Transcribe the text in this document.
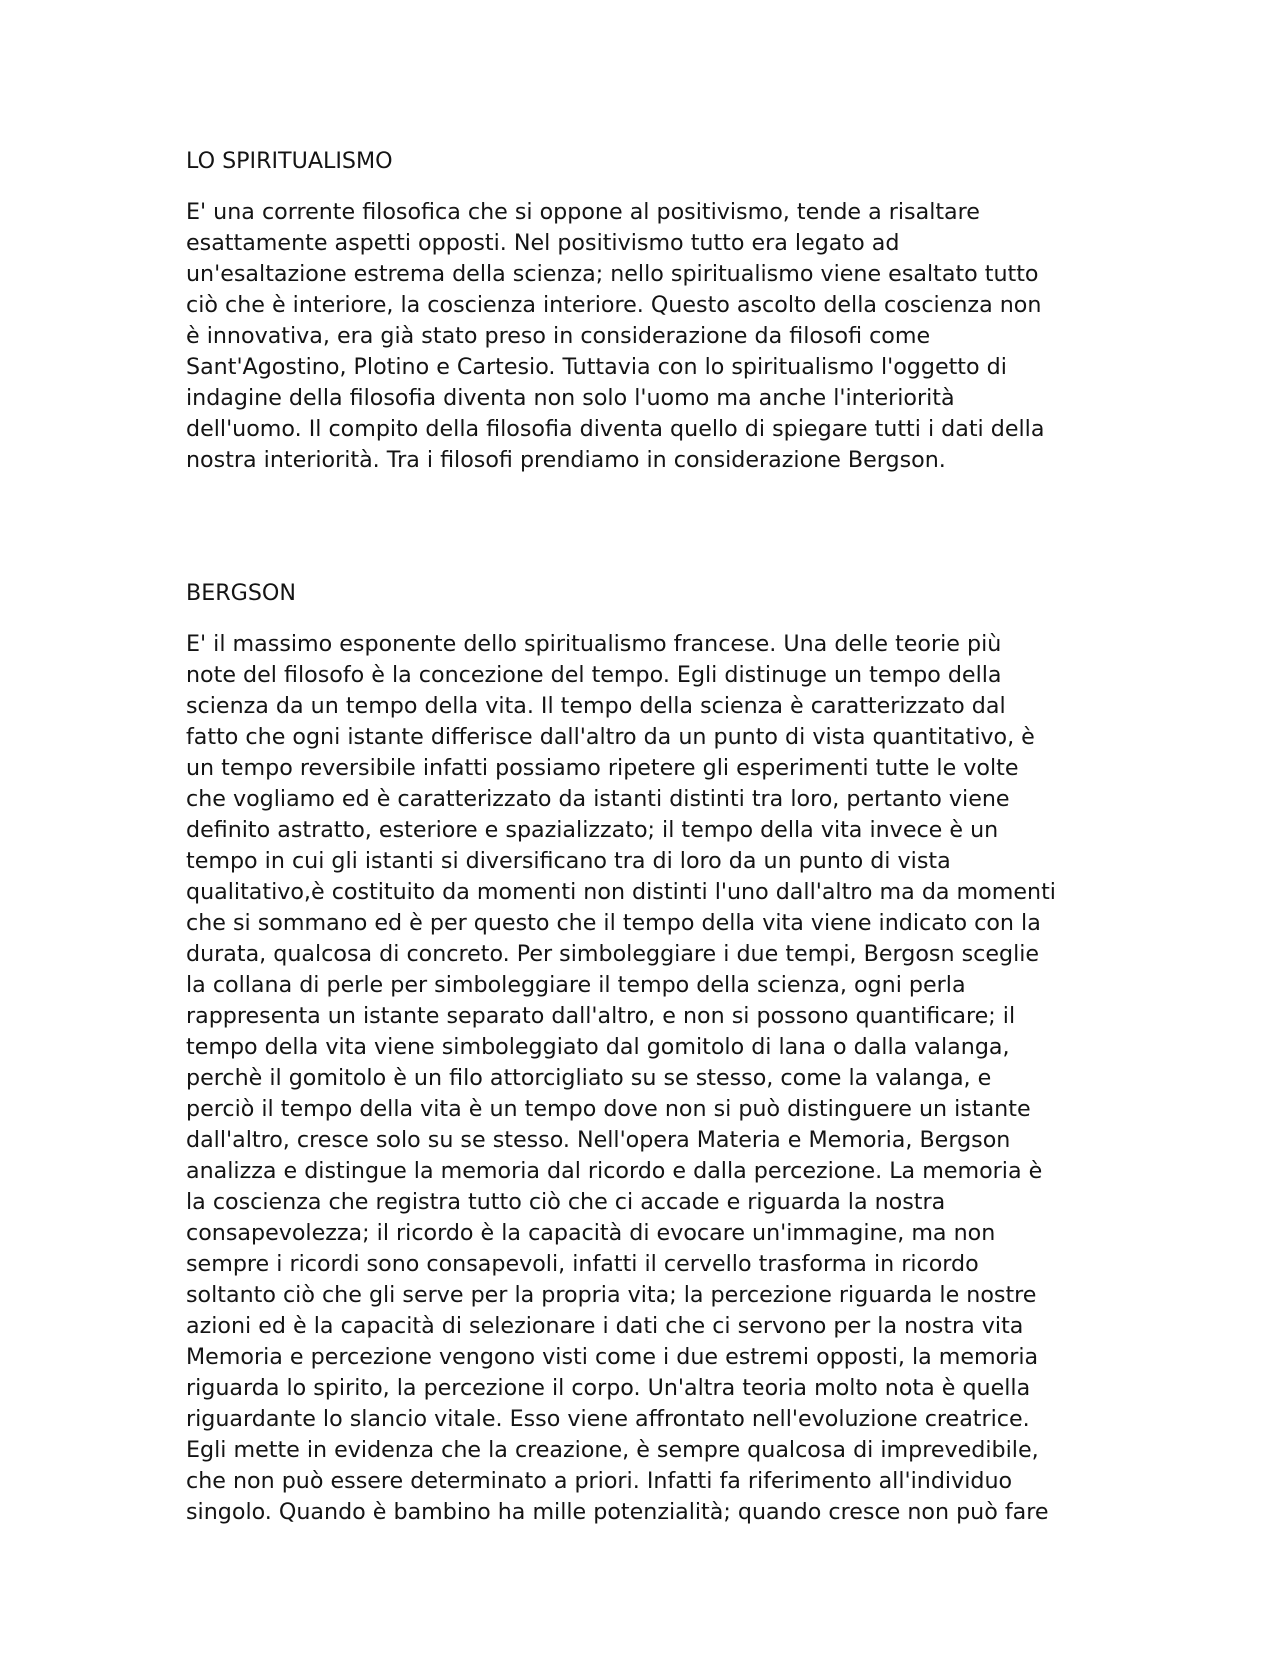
LO SPIRITUALISMO
E' una corrente filosofica che si oppone al positivismo, tende a risaltare
esattamente aspetti opposti. Nel positivismo tutto era legato ad
un'esaltazione estrema della scienza; nello spiritualismo viene esaltato tutto
ciò che è interiore, la coscienza interiore. Questo ascolto della coscienza non
è innovativa, era già stato preso in considerazione da filosofi come
Sant'Agostino, Plotino e Cartesio. Tuttavia con lo spiritualismo l'oggetto di
indagine della filosofia diventa non solo l'uomo ma anche l'interiorità
dell'uomo. Il compito della filosofia diventa quello di spiegare tutti i dati della
nostra interiorità. Tra i filosofi prendiamo in considerazione Bergson.
BERGSON
E' il massimo esponente dello spiritualismo francese. Una delle teorie più
note del filosofo è la concezione del tempo. Egli distinuge un tempo della
scienza da un tempo della vita. Il tempo della scienza è caratterizzato dal
fatto che ogni istante differisce dall'altro da un punto di vista quantitativo, è
un tempo reversibile infatti possiamo ripetere gli esperimenti tutte le volte
che vogliamo ed è caratterizzato da istanti distinti tra loro, pertanto viene
definito astratto, esteriore e spazializzato; il tempo della vita invece è un
tempo in cui gli istanti si diversificano tra di loro da un punto di vista
qualitativo,è costituito da momenti non distinti l'uno dall'altro ma da momenti
che si sommano ed è per questo che il tempo della vita viene indicato con la
durata, qualcosa di concreto. Per simboleggiare i due tempi, Bergosn sceglie
la collana di perle per simboleggiare il tempo della scienza, ogni perla
rappresenta un istante separato dall'altro, e non si possono quantificare; il
tempo della vita viene simboleggiato dal gomitolo di lana o dalla valanga,
perchè il gomitolo è un filo attorcigliato su se stesso, come la valanga, e
perciò il tempo della vita è un tempo dove non si può distinguere un istante
dall'altro, cresce solo su se stesso. Nell'opera Materia e Memoria, Bergson
analizza e distingue la memoria dal ricordo e dalla percezione. La memoria è
la coscienza che registra tutto ciò che ci accade e riguarda la nostra
consapevolezza; il ricordo è la capacità di evocare un'immagine, ma non
sempre i ricordi sono consapevoli, infatti il cervello trasforma in ricordo
soltanto ciò che gli serve per la propria vita; la percezione riguarda le nostre
azioni ed è la capacità di selezionare i dati che ci servono per la nostra vita
Memoria e percezione vengono visti come i due estremi opposti, la memoria
riguarda lo spirito, la percezione il corpo. Un'altra teoria molto nota è quella
riguardante lo slancio vitale. Esso viene affrontato nell'evoluzione creatrice.
Egli mette in evidenza che la creazione, è sempre qualcosa di imprevedibile,
che non può essere determinato a priori. Infatti fa riferimento all'individuo
singolo. Quando è bambino ha mille potenzialità; quando cresce non può fare
